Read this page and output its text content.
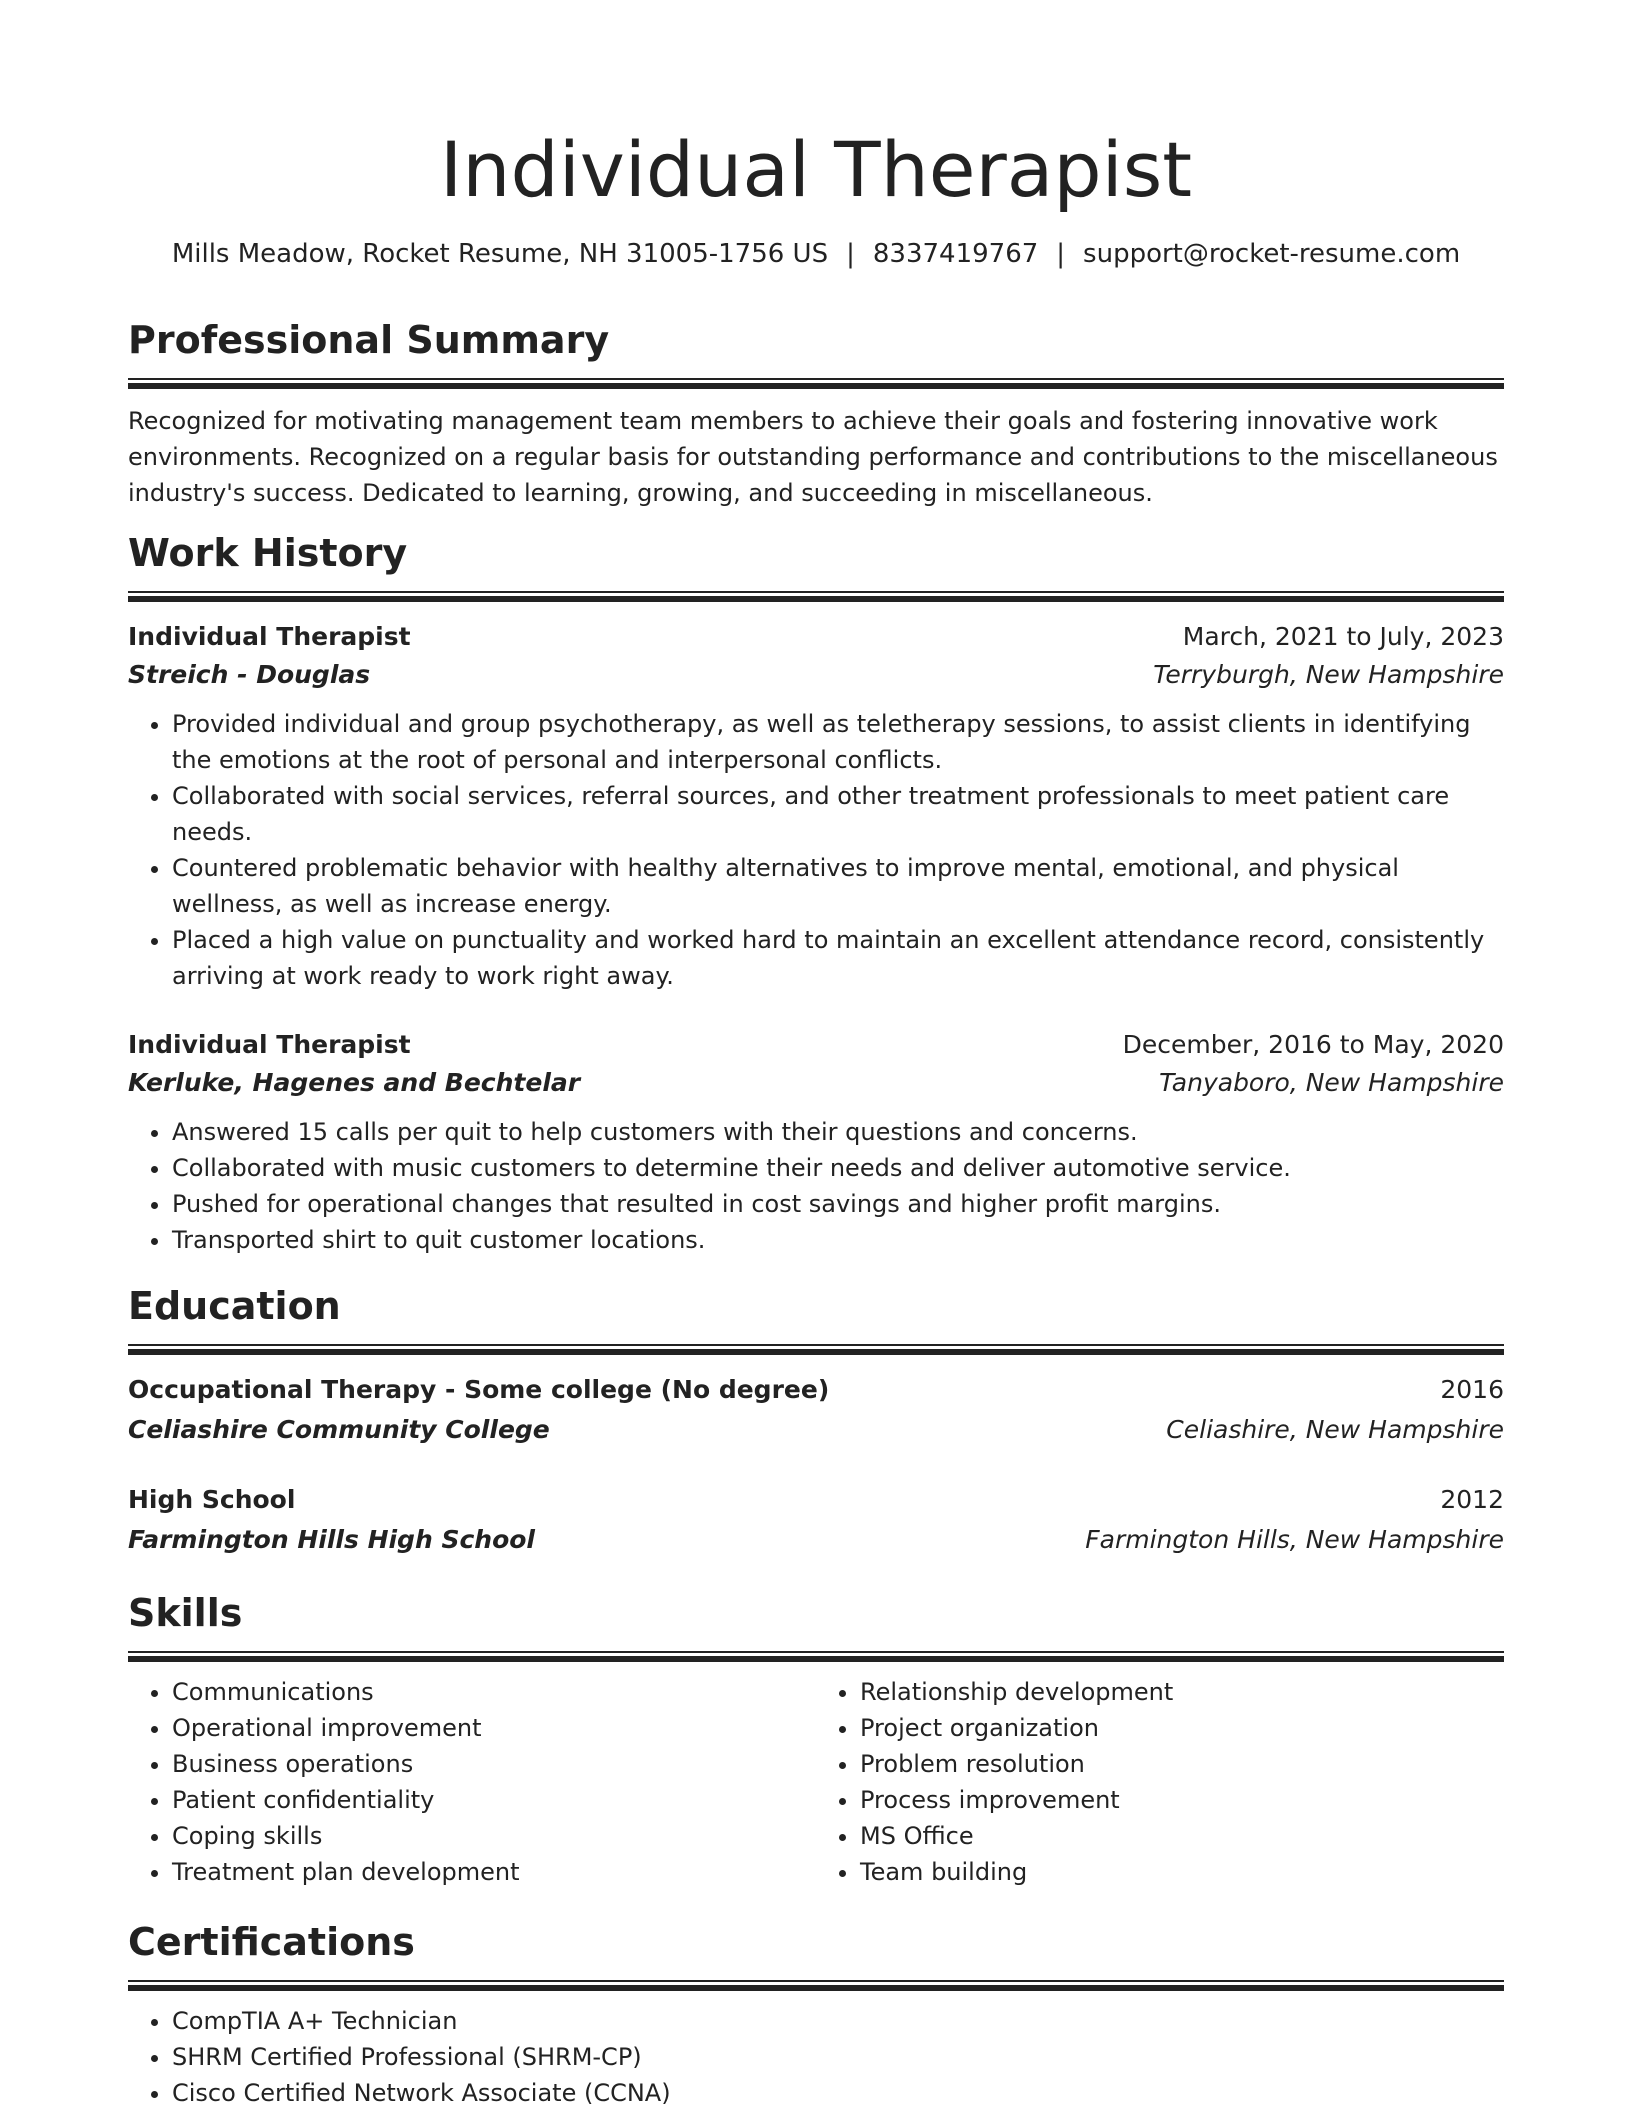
Individual Therapist
Mills Meadow, Rocket Resume, NH 31005-1756 US | 8337419767 | support@rocket-resume.com
Professional Summary
Recognized for motivating management team members to achieve their goals and fostering innovative work environments. Recognized on a regular basis for outstanding performance and contributions to the miscellaneous industry's success. Dedicated to learning, growing, and succeeding in miscellaneous.
Work History
Individual Therapist	March, 2021 to July, 2023
Streich - Douglas	Terryburgh, New Hampshire
• Provided individual and group psychotherapy, as well as teletherapy sessions, to assist clients in identifying the emotions at the root of personal and interpersonal conflicts.
• Collaborated with social services, referral sources, and other treatment professionals to meet patient care needs.
• Countered problematic behavior with healthy alternatives to improve mental, emotional, and physical wellness, as well as increase energy.
• Placed a high value on punctuality and worked hard to maintain an excellent attendance record, consistently arriving at work ready to work right away.
Individual Therapist	December, 2016 to May, 2020
Kerluke, Hagenes and Bechtelar	Tanyaboro, New Hampshire
• Answered 15 calls per quit to help customers with their questions and concerns.
• Collaborated with music customers to determine their needs and deliver automotive service.
• Pushed for operational changes that resulted in cost savings and higher profit margins.
• Transported shirt to quit customer locations.
Education
Occupational Therapy - Some college (No degree)	2016
Celiashire Community College	Celiashire, New Hampshire
High School	2012
Farmington Hills High School	Farmington Hills, New Hampshire
Skills
• Communications
• Operational improvement
• Business operations
• Patient confidentiality
• Coping skills
• Treatment plan development
• Relationship development
• Project organization
• Problem resolution
• Process improvement
• MS Office
• Team building
Certifications
• CompTIA A+ Technician
• SHRM Certified Professional (SHRM-CP)
• Cisco Certified Network Associate (CCNA)
